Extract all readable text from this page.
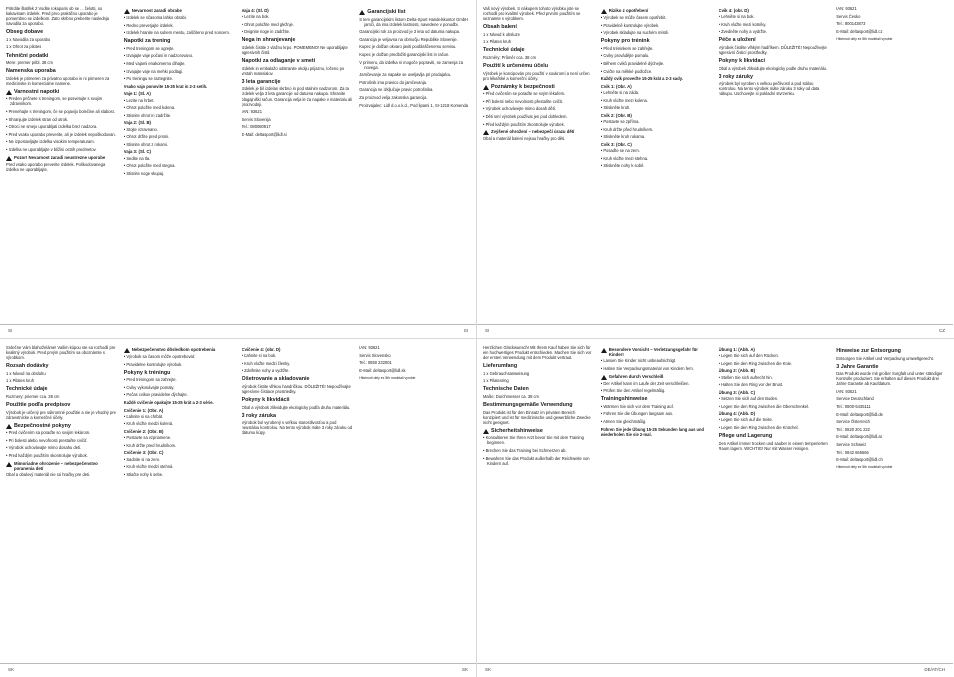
Pritrdite šlatifek 2 Vodite rokoparis ob se ... čelotti, so kakavinam izdelek. Pred prvo praktično uporabo je pomembno se izdelkom. Zato skrbno preberite naslednja navodila za uporabo.

Obseg dobave

1 x Navodila za uporabo

1 x Ohrot za pilotes

Tehnični podatki

Mere: premer pribl. 38 cm

Namenska uporaba

Izdelek je primeren za privatno uporabo in ni primeren za medicinske in komercialne namene.

Varnostni napotki

• Preden pričnete s treningom, se posvetujte s svojim zdravnikom.

• Prenehajte s treningom, če se pojavijo bolečine ali slabost.

• Shranjujte izdelek stran od otrok.

• Otroci ne smejo uporabljati izdelka brez nadzora.

• Pred vsako uporabo preverite, ali je izdelek nepoškodovan.

• Ne izpostavljajte izdelka visokim temperaturam.

• Izdelka ne uporabljajte v bližini ostrih predmetov.

Pozor! Nevarnost zaradi neustrezne uporabe

Pred vsako uporabo preverite izdelek. Poškodovanega izdelka ne uporabljajte.

Nevarnost zaradi obrabe

• Izdelek se sčasoma lahko obrabi.

• Redno preverjajte izdelek.

• Izdelek hranite na suhem mestu, zaščiteno pred soncem.

Napotki za trening

• Pred treningom se ogrejte.

• Izvajajte vaje počasi in nadzorovano.

• Med vajami enakomerno dihajte.

• Izvajajte vaje na mehki podlagi.

• Po treningu se raztegnite.

Vsako vajo ponovite 15-25 krat in 2-3 setih.

Vaje 1: (Sl. A)

• Lezite na hrbet.

• Ohrot položite med kolena.

• Stisnite ohrot in zadržite.

Vaja 2: (Sl. B)

• Stojte vzravnano.

• Ohrot držite pred prsmi.

• Stisnite ohrot z rokami.

Vaja 3: (Sl. C)

• Sedite na tla.

• Ohrot položite med stegna.

• Stisnite noge skupaj.

Vaja 4: (Sl. D)

• Lezite na bok.

• Ohrot položite med gležnje.

• Dvignite noge in zadržite.

Nega in shranjevanje

Izdelek čistite z vlažno krpo. POMEMBNO! Ne uporabljajte agresivnih čistil.

Napotki za odlaganje v smeti

Izdelek in embalažo odstranite okolju prijazno, ločeno po vrstah materialov.

3 leta garancije

Izdelek je bil izdelan skrbno in pod stalnim nadzorom. Za ta izdelek velja 3 leta garancije od datuma nakupa. Shranite blagajniški račun. Garancija velja le za napake v materialu ali proizvodnji.

IAN: 93621

Servis Slovenija

Tel.: 080080917

E-Mail: deltasport@lidl.si

Garancijski list

S tem garancijskim listom Delta-Sport Handelskontor GmbH jamči, da ima izdelek lastnosti, navedene v ponudbi.

Garancijski rok za proizvod je 3 leta od datuma nakupa.

Garancija je veljavna na območju Republike Slovenije.

Kupec je dolžan okvaro javiti pooblaščenemu servisu.

Kupec je dolžan predložiti garancijski list in račun.

V primeru, da izdelka ni mogoče popraviti, se zamenja za novega.

Jamčevanje za napake se uveljavlja pri prodajalcu.

Potrošnik ima pravico do jamčevanja.

Garancija ne izključuje pravic potrošnika.

Za proizvod velja zakonska garancija.

Proizvajalec: Lidl d.o.o.k.d., Pod lipami 1, SI-1218 Komenda

SI	SI

Vaš nový výrobek. S nákupem tohoto výrobku jste se rozhodli pro kvalitní výrobek. Před prvním použitím se seznamte s výrobkem.

Obsah balení

1 x Návod k obsluze

1 x Pilates kruh

Technické údaje

Rozměry: Průměr cca. 38 cm

Použití k určenému účelu

Výrobek je koncipován pro použití v soukromí a není určen pro lékařské a komerční účely.

Poznámky k bezpečnosti

• Před cvičením se poraďte se svým lékařem.

• Při bolesti nebo nevolnosti přestaňte cvičit.

• Výrobek uchovávejte mimo dosah dětí.

• Děti smí výrobek používat jen pod dohledem.

• Před každým použitím zkontrolujte výrobek.

Zvýšené ohrožení – nebezpečí úrazu dětí

Obal a materiál balení nejsou hračky pro děti.

Riziko z opotřebení

• Výrobek se může časem opotřebit.

• Pravidelně kontrolujte výrobek.

• Výrobek skladujte na suchém místě.

Pokyny pro trénink

• Před tréninkem se zahřejte.

• Cviky provádějte pomalu.

• Během cviků pravidelně dýchejte.

• Cvičte na měkké podložce.

Každý cvik proveďte 15-25 krát a 2-3 sady.

Cvik 1: (Obr. A)

• Lehněte si na záda.

• Kruh vložte mezi kolena.

• Stiskněte kruh.

Cvik 2: (Obr. B)

• Postavte se zpříma.

• Kruh držte před hrudníkem.

• Stiskněte kruh rukama.

Cvik 3: (Obr. C)

• Posaďte se na zem.

• Kruh vložte mezi stehna.

• Stiskněte nohy k sobě.

Cvik 4: (obr. D)

• Lehněte si na bok.

• Kruh vložte mezi kotníky.

• Zvedněte nohy a vydržte.

Péče a uložení

Výrobek čistěte vlhkým hadříkem. DŮLEŽITÉ! Nepoužívejte agresivní čisticí prostředky.

Pokyny k likvidaci

Obal a výrobek zlikvidujte ekologicky podle druhu materiálu.

3 roky záruky

Výrobek byl vyroben s velkou pečlivostí a pod stálou kontrolou. Na tento výrobek máte záruku 3 roky od data nákupu. Uschovejte si pokladní stvrzenku.

IAN: 93621

Servis Česko

Tel.: 800143873

E-Mail: deltasport@lidl.cz

Hitshnutí dely ex 5th modelali vyrobie

SI	CZ

Srdečne Vám blahoželáme! Vašim kúpou ste sa rozhodli pre kvalitný výrobok. Pred prvým použitím sa oboznámte s výrobkom.

Rozsah dodávky

1 x Návod na obsluhu

1 x Pilates kruh

Technické údaje

Rozmery: priemer cca. 38 cm

Použitie podľa predpisov

Výrobok je určený pre súkromné použitie a nie je vhodný pre zdravotnícke a komerčné účely.

Bezpečnostné pokyny

• Pred cvičením sa poraďte so svojim lekárom.

• Pri bolesti alebo nevoľnosti prestaňte cvičiť.

• Výrobok uchovávajte mimo dosahu detí.

• Pred každým použitím skontrolujte výrobok.

Mimoriadne ohrozenie – nebezpečenstvo poranenia detí

Obal a obalový materiál nie sú hračky pre deti.

Nebezpečenstvo dôsledkom opotrebenia

• Výrobok sa časom môže opotrebovať.

• Pravidelne kontrolujte výrobok.

Pokyny k tréningu

• Pred tréningom sa zahrejte.

• Cviky vykonávajte pomaly.

• Počas cvikov pravidelne dýchajte.

Každé cvičenie opakujte 15-25 krát a 2-3 série.

Cvičenie 1: (Obr. A)

• Ľahnite si na chrbát.

• Kruh vložte medzi kolená.

Cvičenie 2: (Obr. B)

• Postavte sa vzpriamene.

• Kruh držte pred hrudníkom.

Cvičenie 3: (Obr. C)

• Sadnite si na zem.

• Kruh vložte medzi stehná.

• Stlačte nohy k sebe.

Cvičenie 4: (obr. D)

• Ľahnite si na bok.

• Kruh vložte medzi členky.

• Zdvihnite nohy a vydržte.

Ošetrovanie a skladovanie

Výrobok čistite vlhkou handričkou. DÔLEŽITÉ! Nepoužívajte agresívne čistiace prostriedky.

Pokyny k likvidácii

Obal a výrobok zlikvidujte ekologicky podľa druhu materiálu.

3 roky záruka

Výrobok bol vyrobený s veľkou starostlivosťou a pod neustálou kontrolou. Na tento výrobok máte 3 roky záruku od dátumu kúpy.

IAN: 93621

Servis Slovensko

Tel.: 0850 232001

E-Mail: deltasport@lidl.sk

Hitshnutí dely ex 5th modelali vyrobie

SK	SK

Herzlichen Glückwunsch! Mit Ihrem Kauf haben Sie sich für ein hochwertiges Produkt entschieden. Machen Sie sich vor der ersten Verwendung mit dem Produkt vertraut.

Lieferumfang

1 x Gebrauchsanweisung

1 x Pilatesring

Technische Daten

Maße: Durchmesser ca. 38 cm

Bestimmungsgemäße Verwendung

Das Produkt ist für den Einsatz im privaten Bereich konzipiert und ist für medizinische und gewerbliche Zwecke nicht geeignet.

Sicherheitshinweise

• Konsultieren Sie Ihren Arzt bevor Sie mit dem Training beginnen.

• Brechen Sie das Training bei Schmerzen ab.

• Bewahren Sie das Produkt außerhalb der Reichweite von Kindern auf.

Besondere Vorsicht – Verletzungsgefahr für Kinder!

• Lassen Sie Kinder nicht unbeaufsichtigt.

• Halten Sie Verpackungsmaterial von Kindern fern.

Gefahren durch Verschleiß

• Der Artikel kann im Laufe der Zeit verschleißen.

• Prüfen Sie den Artikel regelmäßig.

Trainingshinweise

• Wärmen Sie sich vor dem Training auf.

• Führen Sie die Übungen langsam aus.

• Atmen Sie gleichmäßig.

Führen Sie jede Übung 15-25 Sekunden lang aus und wiederholen Sie sie 2-mal.

Übung 1: (Abb. A)

• Legen Sie sich auf den Rücken.

• Legen Sie den Ring zwischen die Knie.

Übung 2: (Abb. B)

• Stellen Sie sich aufrecht hin.

• Halten Sie den Ring vor der Brust.

Übung 3: (Abb. C)

• Setzen Sie sich auf den Boden.

• Legen Sie den Ring zwischen die Oberschenkel.

Übung 4: (Abb. D)

• Legen Sie sich auf die Seite.

• Legen Sie den Ring zwischen die Knöchel.

Pflege und Lagerung

Den Artikel immer trocken und sauber in einem temperierten Raum lagern. WICHTIG! Nur mit Wasser reinigen.

Hinweise zur Entsorgung

Entsorgen Sie Artikel und Verpackung umweltgerecht.

3 Jahre Garantie

Das Produkt wurde mit großer Sorgfalt und unter ständiger Kontrolle produziert. Sie erhalten auf dieses Produkt drei Jahre Garantie ab Kaufdatum.

IAN: 93621

Service Deutschland

Tel.: 0800-5435111

E-Mail: deltasport@lidl.de

Service Österreich

Tel.: 0820 201 222

E-Mail: deltasport@lidl.at

Service Schweiz

Tel.: 0842 665566

E-Mail: deltasport@lidl.ch

Hitshnutí dely ex 5th modelali vyrobie

SK	DE/AT/CH
